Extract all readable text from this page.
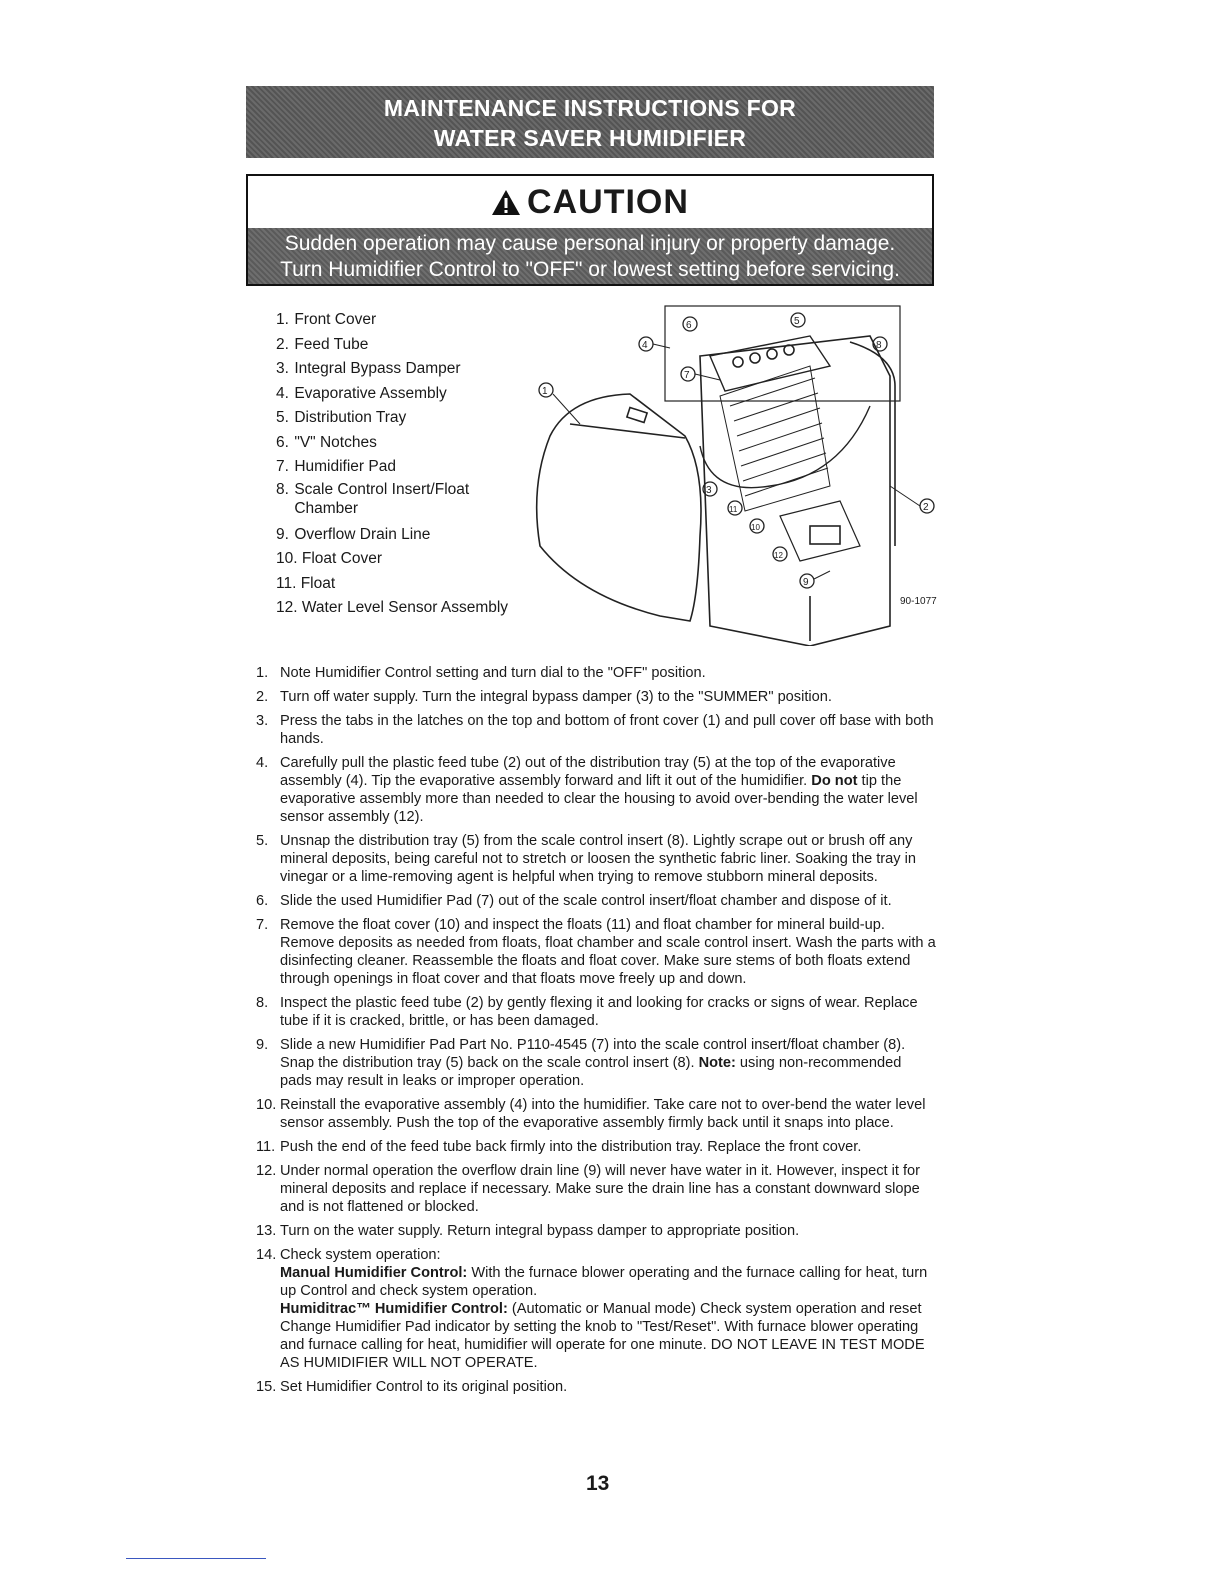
MAINTENANCE INSTRUCTIONS FOR
WATER SAVER HUMIDIFIER
CAUTION
Sudden operation may cause personal injury or property damage.
Turn Humidifier Control to "OFF" or lowest setting before servicing.
1.
Front Cover
2.
Feed Tube
3.
Integral Bypass Damper
4.
Evaporative Assembly
5.
Distribution Tray
6.
"V" Notches
7.
Humidifier Pad
8.
Scale Control Insert/Float Chamber
9.
Overflow Drain Line
10.
Float Cover
11.
Float
12.
Water Level Sensor Assembly
1
2
3
4
5
6
7
8
9
10
11
12
90-1077
1. Note Humidifier Control setting and turn dial to the "OFF" position.
2. Turn off water supply. Turn the integral bypass damper (3) to the "SUMMER" position.
3. Press the tabs in the latches on the top and bottom of front cover (1) and pull cover off base with both hands.
4. Carefully pull the plastic feed tube (2) out of the distribution tray (5) at the top of the evaporative assembly (4). Tip the evaporative assembly forward and lift it out of the humidifier. Do not tip the evaporative assembly more than needed to clear the housing to avoid over-bending the water level sensor assembly (12).
5. Unsnap the distribution tray (5) from the scale control insert (8). Lightly scrape out or brush off any mineral deposits, being careful not to stretch or loosen the synthetic fabric liner. Soaking the tray in vinegar or a lime-removing agent is helpful when trying to remove stubborn mineral deposits.
6. Slide the used Humidifier Pad (7) out of the scale control insert/float chamber and dispose of it.
7. Remove the float cover (10) and inspect the floats (11) and float chamber for mineral build-up. Remove deposits as needed from floats, float chamber and scale control insert. Wash the parts with a disinfecting cleaner. Reassemble the floats and float cover. Make sure stems of both floats extend through openings in float cover and that floats move freely up and down.
8. Inspect the plastic feed tube (2) by gently flexing it and looking for cracks or signs of wear. Replace tube if it is cracked, brittle, or has been damaged.
9. Slide a new Humidifier Pad Part No. P110-4545 (7) into the scale control insert/float chamber (8). Snap the distribution tray (5) back on the scale control insert (8). Note: using non-recommended pads may result in leaks or improper operation.
10. Reinstall the evaporative assembly (4) into the humidifier. Take care not to over-bend the water level sensor assembly. Push the top of the evaporative assembly firmly back until it snaps into place.
11. Push the end of the feed tube back firmly into the distribution tray. Replace the front cover.
12. Under normal operation the overflow drain line (9) will never have water in it. However, inspect it for mineral deposits and replace if necessary. Make sure the drain line has a constant downward slope and is not flattened or blocked.
13. Turn on the water supply. Return integral bypass damper to appropriate position.
14. Check system operation:
Manual Humidifier Control: With the furnace blower operating and the furnace calling for heat, turn up Control and check system operation.
Humiditrac™ Humidifier Control: (Automatic or Manual mode) Check system operation and reset Change Humidifier Pad indicator by setting the knob to "Test/Reset". With furnace blower operating and furnace calling for heat, humidifier will operate for one minute. DO NOT LEAVE IN TEST MODE AS HUMIDIFIER WILL NOT OPERATE.
15. Set Humidifier Control to its original position.
13
